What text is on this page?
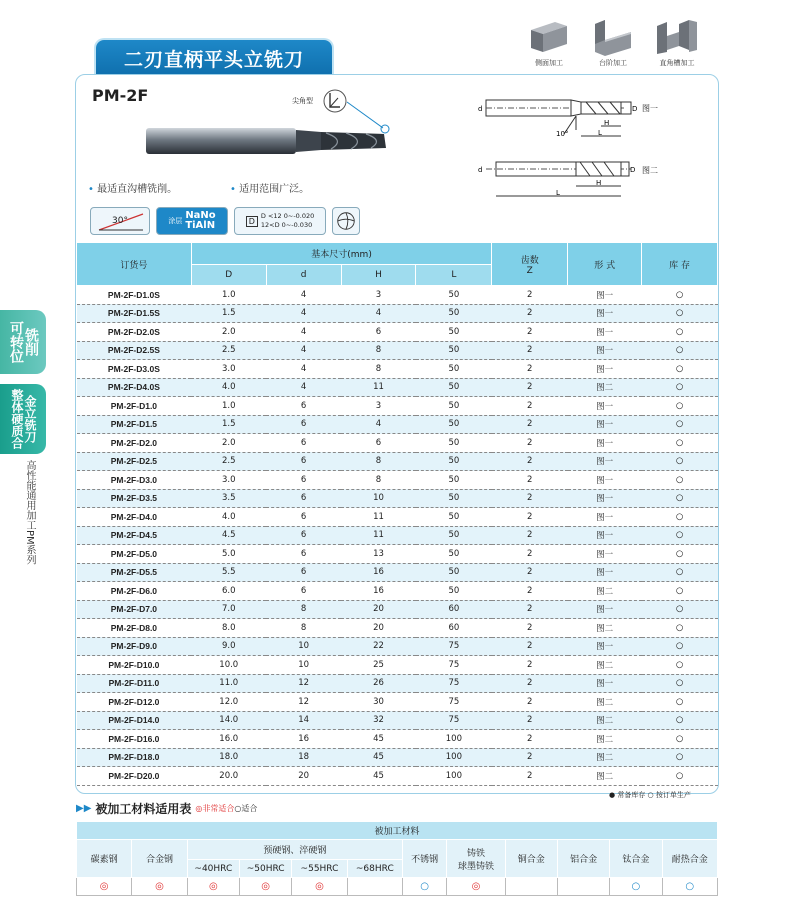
二刃直柄平头立铣刀	侧面加工	台阶加工	直角槽加工
PM-2F	尖角型
• 最适直沟槽铣削。	• 适用范围广泛。
30°	涂层 NaNo
TiAlN	D
D <12 0~-0.020
12<D 0~-0.030
d	D
H
10°	L
图一
d	D
H
L
图二
订货号	基本尺寸(mm)				齿数
Z	形 式	库 存
	D	d	H	L			
PM-2F-D1.0S	1.0	4	3	50	2	图一	○
PM-2F-D1.5S	1.5	4	4	50	2	图一	○
PM-2F-D2.0S	2.0	4	6	50	2	图一	○
PM-2F-D2.5S	2.5	4	8	50	2	图一	○
PM-2F-D3.0S	3.0	4	8	50	2	图一	○
PM-2F-D4.0S	4.0	4	11	50	2	图二	○
PM-2F-D1.0	1.0	6	3	50	2	图一	○
PM-2F-D1.5	1.5	6	4	50	2	图一	○
PM-2F-D2.0	2.0	6	6	50	2	图一	○
PM-2F-D2.5	2.5	6	8	50	2	图一	○
PM-2F-D3.0	3.0	6	8	50	2	图一	○
PM-2F-D3.5	3.5	6	10	50	2	图一	○
PM-2F-D4.0	4.0	6	11	50	2	图一	○
PM-2F-D4.5	4.5	6	11	50	2	图一	○
PM-2F-D5.0	5.0	6	13	50	2	图一	○
PM-2F-D5.5	5.5	6	16	50	2	图一	○
PM-2F-D6.0	6.0	6	16	50	2	图二	○
PM-2F-D7.0	7.0	8	20	60	2	图一	○
PM-2F-D8.0	8.0	8	20	60	2	图二	○
PM-2F-D9.0	9.0	10	22	75	2	图一	○
PM-2F-D10.0	10.0	10	25	75	2	图二	○
PM-2F-D11.0	11.0	12	26	75	2	图一	○
PM-2F-D12.0	12.0	12	30	75	2	图二	○
PM-2F-D14.0	14.0	14	32	75	2	图二	○
PM-2F-D16.0	16.0	16	45	100	2	图二	○
PM-2F-D18.0	18.0	18	45	100	2	图二	○
PM-2F-D20.0	20.0	20	45	100	2	图二	○
● 常备库存 ○ 按订单生产
▶▶ 被加工材料适用表 ◎非常适合○适合
被加工材料											
碳素钢	合金钢	预硬钢、淬硬钢				不锈钢	铸铁
球墨铸铁	铜合金	铝合金	钛合金	耐热合金
		~40HRC	~50HRC	~55HRC	~68HRC						
◎	◎	◎	◎	◎		○	◎			○	○
可转位 铣削
整体硬质合 金立铣刀
高性能通用加工PM系列
